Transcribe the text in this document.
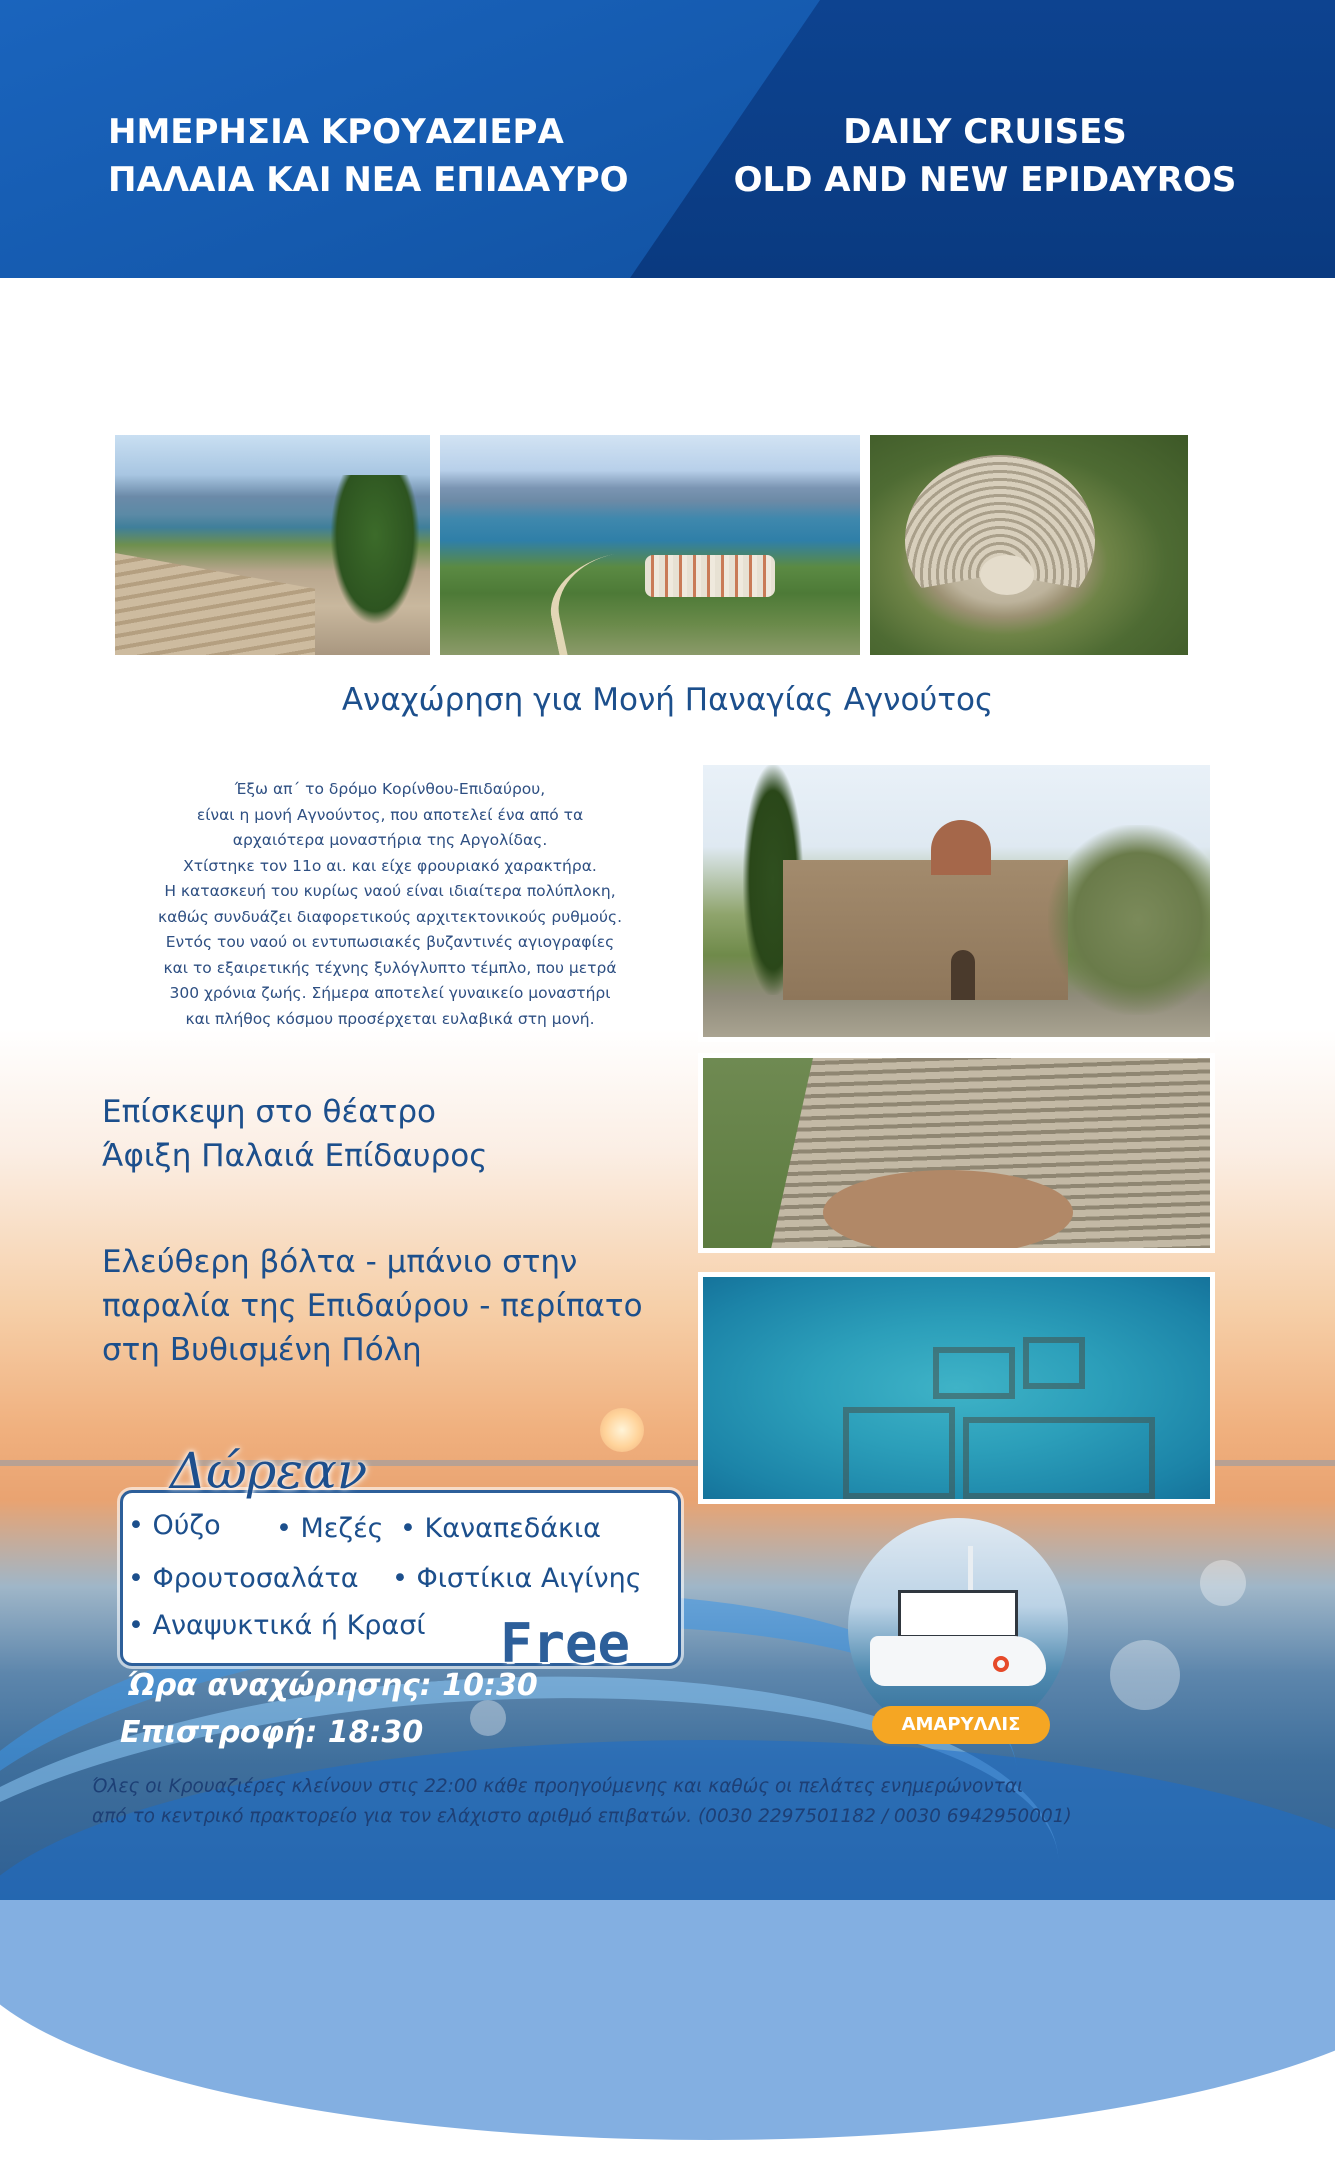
ΗΜΕΡΗΣΙΑ ΚΡΟΥΑΖΙΕΡΑ
ΠΑΛΑΙΑ ΚΑΙ ΝΕΑ ΕΠΙΔΑΥΡΟ
DAILY CRUISES
OLD AND NEW EPIDAYROS
Αναχώρηση για Μονή Παναγίας Αγνούτος
Έξω απ΄ το δρόμο Κορίνθου-Επιδαύρου,
είναι η μονή Αγνούντος, που αποτελεί ένα από τα
αρχαιότερα μοναστήρια της Αργολίδας.
Χτίστηκε τον 11ο αι. και είχε φρουριακό χαρακτήρα.
Η κατασκευή του κυρίως ναού είναι ιδιαίτερα πολύπλοκη,
καθώς συνδυάζει διαφορετικούς αρχιτεκτονικούς ρυθμούς.
Εντός του ναού οι εντυπωσιακές βυζαντινές αγιογραφίες
και το εξαιρετικής τέχνης ξυλόγλυπτο τέμπλο, που μετρά
300 χρόνια ζωής. Σήμερα αποτελεί γυναικείο μοναστήρι
και πλήθος κόσμου προσέρχεται ευλαβικά στη μονή.
Επίσκεψη στο θέατρο
Άφιξη Παλαιά Επίδαυρος
Ελεύθερη βόλτα - μπάνιο στην
παραλία της Επιδαύρου - περίπατο
στη Βυθισμένη Πόλη
Δώρεαν
• Ούζο • Μεζές • Καναπεδάκια
• Φρουτοσαλάτα • Φιστίκια Αιγίνης
• Αναψυκτικά ή Κρασί Free
Ώρα αναχώρησης: 10:30
Επιστροφή: 18:30	ΑΜΑΡΥΛΛΙΣ
Όλες οι Κρουαζιέρες κλείνουν στις 22:00 κάθε προηγούμενης και καθώς οι πελάτες ενημερώνονται
από το κεντρικό πρακτορείο για τον ελάχιστο αριθμό επιβατών. (0030 2297501182 / 0030 6942950001)
